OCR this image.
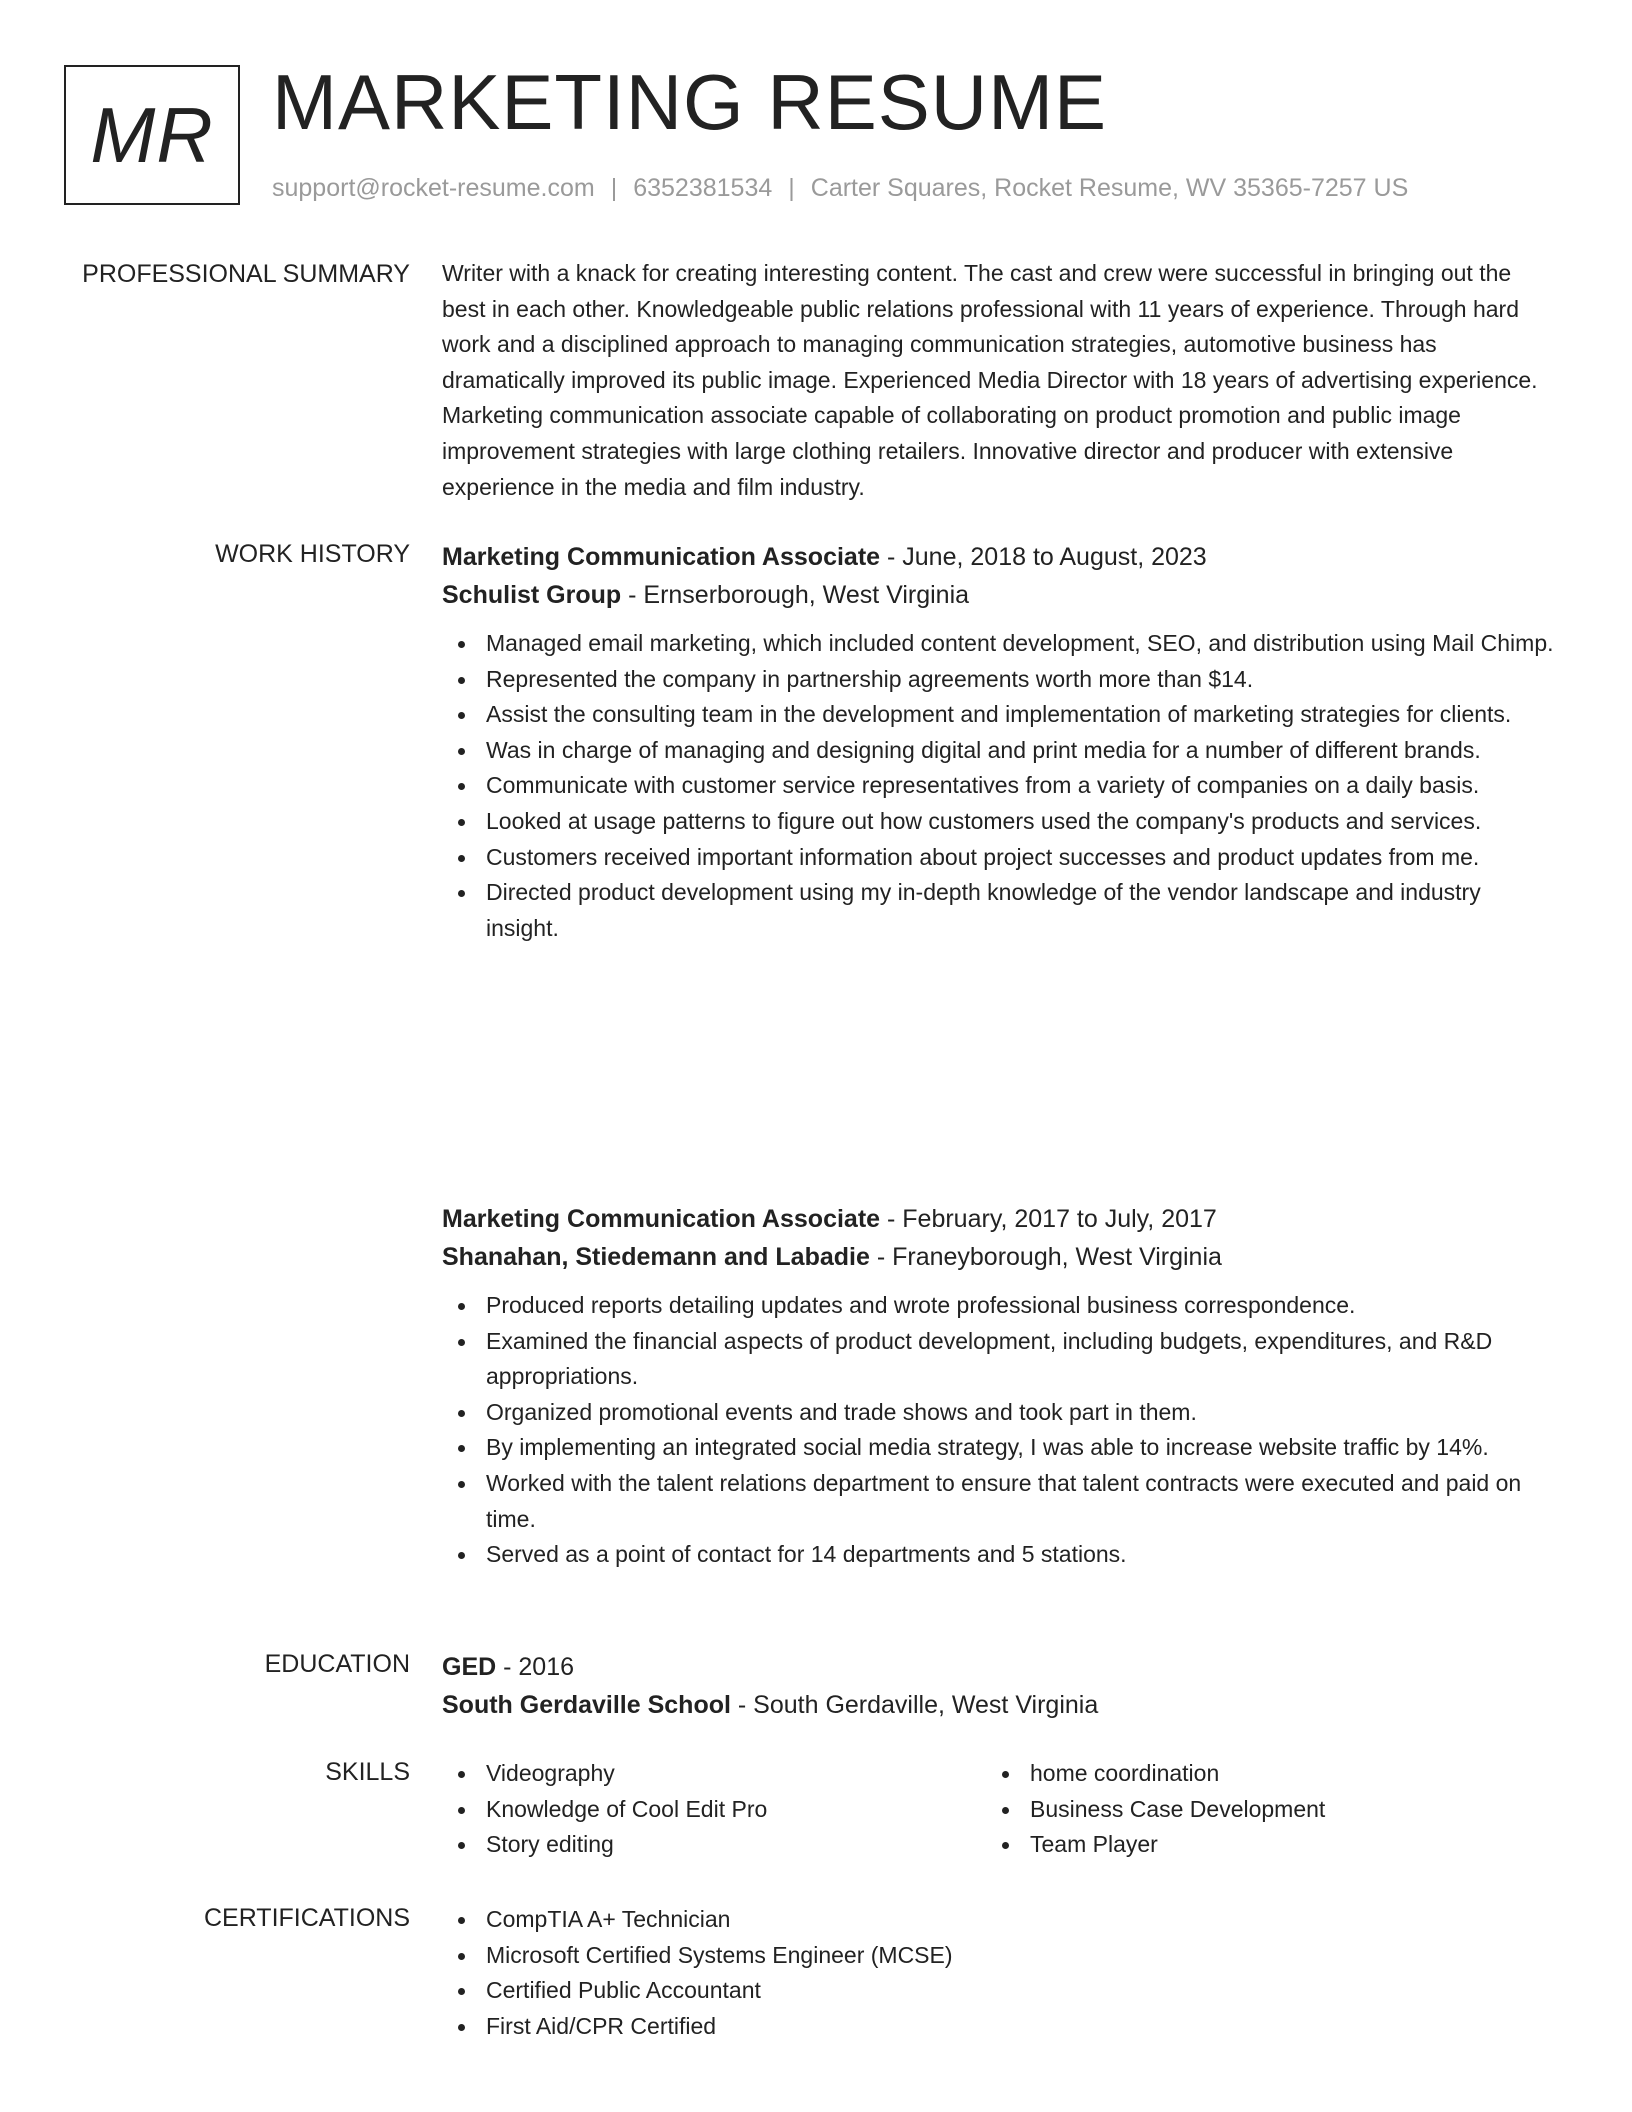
MR MARKETING RESUME
support@rocket-resume.com | 6352381534 | Carter Squares, Rocket Resume, WV 35365-7257 US
PROFESSIONAL SUMMARY Writer with a knack for creating interesting content. The cast and crew were successful in bringing out the best in each other. Knowledgeable public relations professional with 11 years of experience. Through hard work and a disciplined approach to managing communication strategies, automotive business has dramatically improved its public image. Experienced Media Director with 18 years of advertising experience. Marketing communication associate capable of collaborating on product promotion and public image improvement strategies with large clothing retailers. Innovative director and producer with extensive experience in the media and film industry.

WORK HISTORY Marketing Communication Associate - June, 2018 to August, 2023
Schulist Group - Ernserborough, West Virginia
Managed email marketing, which included content development, SEO, and distribution using Mail Chimp.
Represented the company in partnership agreements worth more than $14.
Assist the consulting team in the development and implementation of marketing strategies for clients.
Was in charge of managing and designing digital and print media for a number of different brands.
Communicate with customer service representatives from a variety of companies on a daily basis.
Looked at usage patterns to figure out how customers used the company's products and services.
Customers received important information about project successes and product updates from me.
Directed product development using my in-depth knowledge of the vendor landscape and industry insight.
Marketing Communication Associate - February, 2017 to July, 2017
Shanahan, Stiedemann and Labadie - Franeyborough, West Virginia
Produced reports detailing updates and wrote professional business correspondence.
Examined the financial aspects of product development, including budgets, expenditures, and R&D appropriations.
Organized promotional events and trade shows and took part in them.
By implementing an integrated social media strategy, I was able to increase website traffic by 14%.
Worked with the talent relations department to ensure that talent contracts were executed and paid on time.
Served as a point of contact for 14 departments and 5 stations.
EDUCATION GED - 2016
South Gerdaville School - South Gerdaville, West Virginia
SKILLS	Videography
Knowledge of Cool Edit Pro
Story editing
home coordination
Business Case Development
Team Player
CERTIFICATIONS	CompTIA A+ Technician
Microsoft Certified Systems Engineer (MCSE)
Certified Public Accountant
First Aid/CPR Certified
